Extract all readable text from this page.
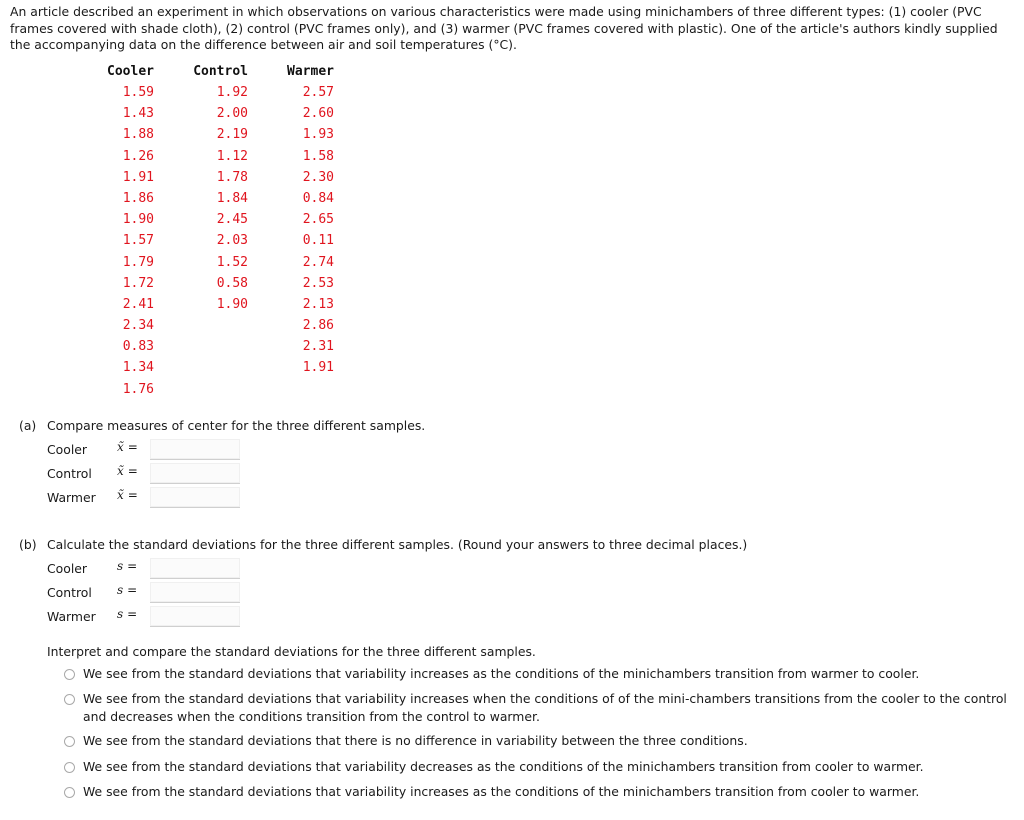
An article described an experiment in which observations on various characteristics were made using minichambers of three different types: (1) cooler (PVC frames covered with shade cloth), (2) control (PVC frames only), and (3) warmer (PVC frames covered with plastic). One of the article's authors kindly supplied the accompanying data on the difference between air and soil temperatures (°C).
Cooler	Control	Warmer
1.59	1.92	2.57
1.43	2.00	2.60
1.88	2.19	1.93
1.26	1.12	1.58
1.91	1.78	2.30
1.86	1.84	0.84
1.90	2.45	2.65
1.57	2.03	0.11
1.79	1.52	2.74
1.72	0.58	2.53
2.41	1.90	2.13
2.34		2.86
0.83		2.31
1.34		1.91
1.76		
(a) Compare measures of center for the three different samples.
Cooler	x̃ =
Control x̃ =
Warmer x̃ =
(b) Calculate the standard deviations for the three different samples. (Round your answers to three decimal places.)
Cooler	s =
Control s =
Warmer s =
Interpret and compare the standard deviations for the three different samples.
We see from the standard deviations that variability increases as the conditions of the minichambers transition from warmer to cooler.
We see from the standard deviations that variability increases when the conditions of of the mini-chambers transitions from the cooler to the control and decreases when the conditions transition from the control to warmer.
We see from the standard deviations that there is no difference in variability between the three conditions.
We see from the standard deviations that variability decreases as the conditions of the minichambers transition from cooler to warmer.
We see from the standard deviations that variability increases as the conditions of the minichambers transition from cooler to warmer.
